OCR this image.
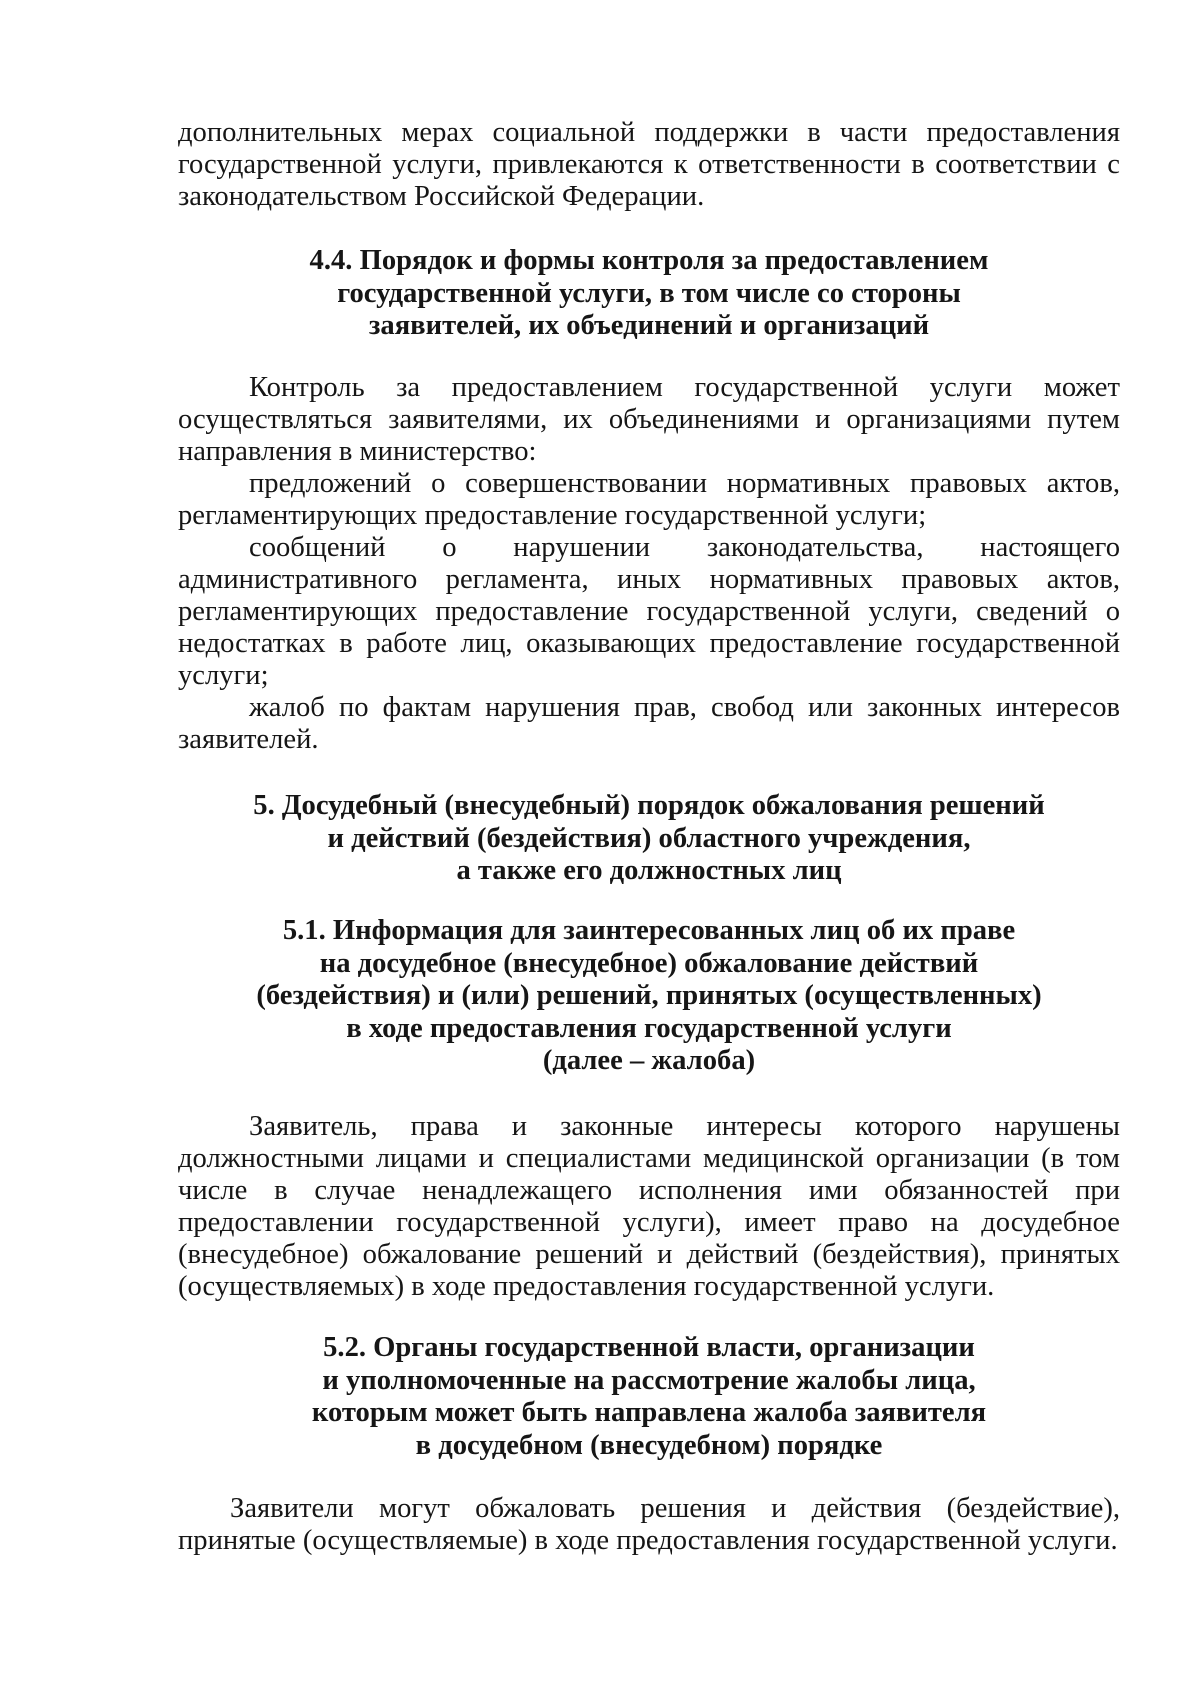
дополнительных мерах социальной поддержки в части предоставления государственной услуги, привлекаются к ответственности в соответствии с законодательством Российской Федерации.

4.4. Порядок и формы контроля за предоставлением
государственной услуги, в том числе со стороны
заявителей, их объединений и организаций

Контроль за предоставлением государственной услуги может осуществляться заявителями, их объединениями и организациями путем направления в министерство:

предложений о совершенствовании нормативных правовых актов, регламентирующих предоставление государственной услуги;

сообщений о нарушении законодательства, настоящего административного регламента, иных нормативных правовых актов, регламентирующих предоставление государственной услуги, сведений о недостатках в работе лиц, оказывающих предоставление государственной услуги;

жалоб по фактам нарушения прав, свобод или законных интересов заявителей.

5. Досудебный (внесудебный) порядок обжалования решений
и действий (бездействия) областного учреждения,
а также его должностных лиц
5.1. Информация для заинтересованных лиц об их праве
на досудебное (внесудебное) обжалование действий
(бездействия) и (или) решений, принятых (осуществленных)
в ходе предоставления государственной услуги
(далее – жалоба)

Заявитель, права и законные интересы которого нарушены должностными лицами и специалистами медицинской организации (в том числе в случае ненадлежащего исполнения ими обязанностей при предоставлении государственной услуги), имеет право на досудебное (внесудебное) обжалование решений и действий (бездействия), принятых (осуществляемых) в ходе предоставления государственной услуги.

5.2. Органы государственной власти, организации
и уполномоченные на рассмотрение жалобы лица,
которым может быть направлена жалоба заявителя
в досудебном (внесудебном) порядке

Заявители могут обжаловать решения и действия (бездействие), принятые (осуществляемые) в ходе предоставления государственной услуги.
